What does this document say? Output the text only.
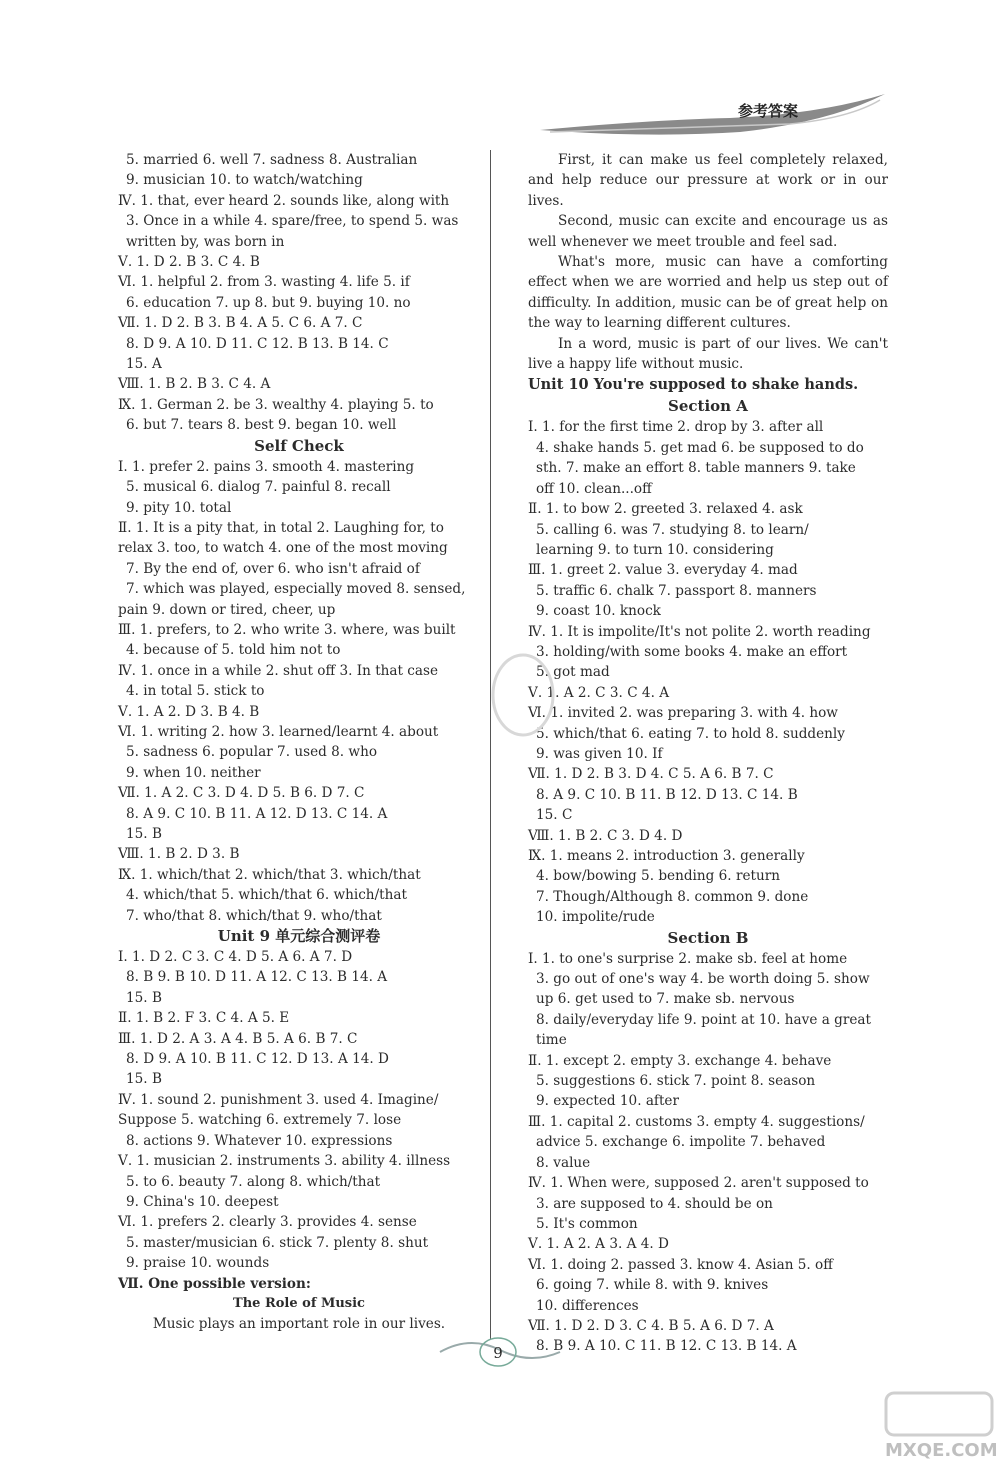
参考答案
5. married 6. well 7. sadness 8. Australian
9. musician 10. to watch/watching
Ⅳ. 1. that, ever heard 2. sounds like, along with
3. Once in a while 4. spare/free, to spend 5. was
written by, was born in
Ⅴ. 1. D 2. B 3. C 4. B
Ⅵ. 1. helpful 2. from 3. wasting 4. life 5. if
6. education 7. up 8. but 9. buying 10. no
Ⅶ. 1. D 2. B 3. B 4. A 5. C 6. A 7. C
8. D 9. A 10. D 11. C 12. B 13. B 14. C
15. A
Ⅷ. 1. B 2. B 3. C 4. A
Ⅸ. 1. German 2. be 3. wealthy 4. playing 5. to
6. but 7. tears 8. best 9. began 10. well
Self Check
Ⅰ. 1. prefer 2. pains 3. smooth 4. mastering
5. musical 6. dialog 7. painful 8. recall
9. pity 10. total
Ⅱ. 1. It is a pity that, in total 2. Laughing for, to
relax 3. too, to watch 4. one of the most moving
7. By the end of, over 6. who isn't afraid of
7. which was played, especially moved 8. sensed,
pain 9. down or tired, cheer, up
Ⅲ. 1. prefers, to 2. who write 3. where, was built
4. because of 5. told him not to
Ⅳ. 1. once in a while 2. shut off 3. In that case
4. in total 5. stick to
Ⅴ. 1. A 2. D 3. B 4. B
Ⅵ. 1. writing 2. how 3. learned/learnt 4. about
5. sadness 6. popular 7. used 8. who
9. when 10. neither
Ⅶ. 1. A 2. C 3. D 4. D 5. B 6. D 7. C
8. A 9. C 10. B 11. A 12. D 13. C 14. A
15. B
Ⅷ. 1. B 2. D 3. B
Ⅸ. 1. which/that 2. which/that 3. which/that
4. which/that 5. which/that 6. which/that
7. who/that 8. which/that 9. who/that
Unit 9 单元综合测评卷
Ⅰ. 1. D 2. C 3. C 4. D 5. A 6. A 7. D
8. B 9. B 10. D 11. A 12. C 13. B 14. A
15. B
Ⅱ. 1. B 2. F 3. C 4. A 5. E
Ⅲ. 1. D 2. A 3. A 4. B 5. A 6. B 7. C
8. D 9. A 10. B 11. C 12. D 13. A 14. D
15. B
Ⅳ. 1. sound 2. punishment 3. used 4. Imagine/
Suppose 5. watching 6. extremely 7. lose
8. actions 9. Whatever 10. expressions
Ⅴ. 1. musician 2. instruments 3. ability 4. illness
5. to 6. beauty 7. along 8. which/that
9. China's 10. deepest
Ⅵ. 1. prefers 2. clearly 3. provides 4. sense
5. master/musician 6. stick 7. plenty 8. shut
9. praise 10. wounds
Ⅶ. One possible version:
The Role of Music
Music plays an important role in our lives.
First, it can make us feel completely relaxed, and help reduce our pressure at work or in our lives.
Second, music can excite and encourage us as well whenever we meet trouble and feel sad.
What's more, music can have a comforting effect when we are worried and help us step out of difficulty. In addition, music can be of great help on the way to learning different cultures.
In a word, music is part of our lives. We can't live a happy life without music.
Unit 10 You're supposed to shake hands.
Section A
Ⅰ. 1. for the first time 2. drop by 3. after all
4. shake hands 5. get mad 6. be supposed to do
sth. 7. make an effort 8. table manners 9. take
off 10. clean...off
Ⅱ. 1. to bow 2. greeted 3. relaxed 4. ask
5. calling 6. was 7. studying 8. to learn/
learning 9. to turn 10. considering
Ⅲ. 1. greet 2. value 3. everyday 4. mad
5. traffic 6. chalk 7. passport 8. manners
9. coast 10. knock
Ⅳ. 1. It is impolite/It's not polite 2. worth reading
3. holding/with some books 4. make an effort
5. got mad
Ⅴ. 1. A 2. C 3. C 4. A
Ⅵ. 1. invited 2. was preparing 3. with 4. how
5. which/that 6. eating 7. to hold 8. suddenly
9. was given 10. If
Ⅶ. 1. D 2. B 3. D 4. C 5. A 6. B 7. C
8. A 9. C 10. B 11. B 12. D 13. C 14. B
15. C
Ⅷ. 1. B 2. C 3. D 4. D
Ⅸ. 1. means 2. introduction 3. generally
4. bow/bowing 5. bending 6. return
7. Though/Although 8. common 9. done
10. impolite/rude
Section B
Ⅰ. 1. to one's surprise 2. make sb. feel at home
3. go out of one's way 4. be worth doing 5. show
up 6. get used to 7. make sb. nervous
8. daily/everyday life 9. point at 10. have a great
time
Ⅱ. 1. except 2. empty 3. exchange 4. behave
5. suggestions 6. stick 7. point 8. season
9. expected 10. after
Ⅲ. 1. capital 2. customs 3. empty 4. suggestions/
advice 5. exchange 6. impolite 7. behaved
8. value
Ⅳ. 1. When were, supposed 2. aren't supposed to
3. are supposed to 4. should be on
5. It's common
Ⅴ. 1. A 2. A 3. A 4. D
Ⅵ. 1. doing 2. passed 3. know 4. Asian 5. off
6. going 7. while 8. with 9. knives
10. differences
Ⅶ. 1. D 2. D 3. C 4. B 5. A 6. D 7. A
8. B 9. A 10. C 11. B 12. C 13. B 14. A
9
MXQE.COM
